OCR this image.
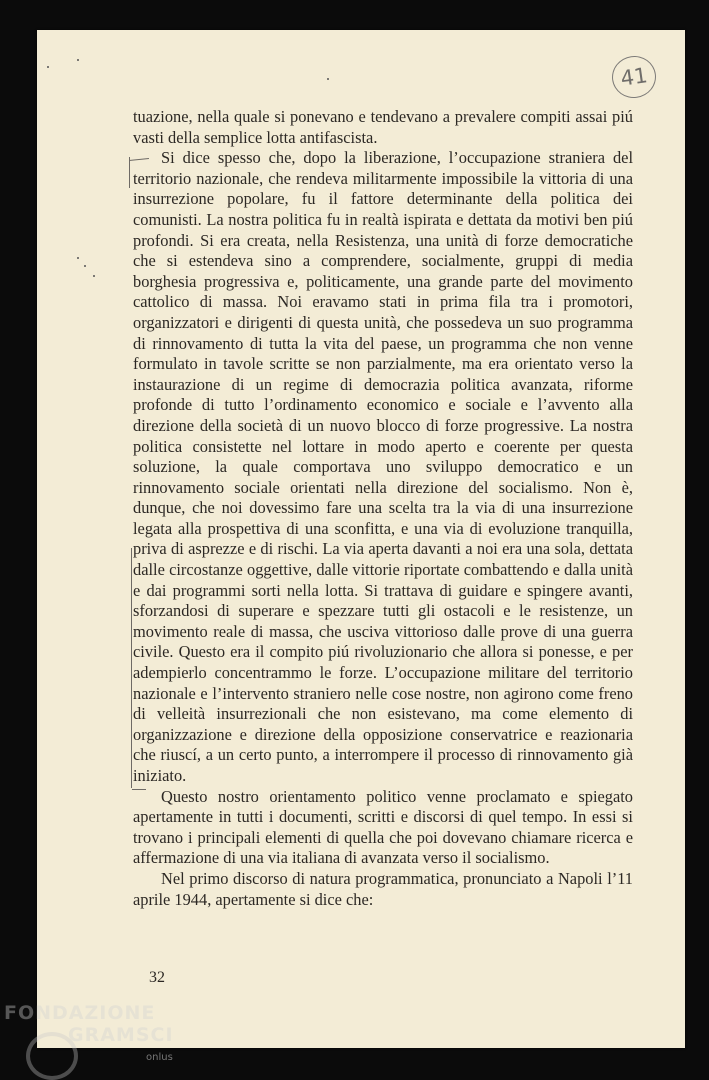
41

tuazione, nella quale si ponevano e tendevano a prevalere compiti assai piú vasti della semplice lotta antifascista.

Si dice spesso che, dopo la liberazione, l’occupazione straniera del territorio nazionale, che rendeva militarmente impossibile la vittoria di una insurrezione popolare, fu il fattore determinante della politica dei comunisti. La nostra politica fu in realtà ispirata e dettata da motivi ben piú profondi. Si era creata, nella Resistenza, una unità di forze democratiche che si estendeva sino a comprendere, socialmente, gruppi di media borghesia progressiva e, politicamente, una grande parte del movimento cattolico di massa. Noi eravamo stati in prima fila tra i promotori, organizzatori e dirigenti di questa unità, che possedeva un suo programma di rinnovamento di tutta la vita del paese, un programma che non venne formulato in tavole scritte se non parzialmente, ma era orientato verso la instaurazione di un regime di democrazia politica avanzata, riforme profonde di tutto l’ordinamento economico e sociale e l’avvento alla direzione della società di un nuovo blocco di forze progressive. La nostra politica consistette nel lottare in modo aperto e coerente per questa soluzione, la quale comportava uno sviluppo democratico e un rinnovamento sociale orientati nella direzione del socialismo. Non è, dunque, che noi dovessimo fare una scelta tra la via di una insurrezione legata alla prospettiva di una sconfitta, e una via di evoluzione tranquilla, priva di asprezze e di rischi. La via aperta davanti a noi era una sola, dettata dalle circostanze oggettive, dalle vittorie riportate combattendo e dalla unità e dai programmi sorti nella lotta. Si trattava di guidare e spingere avanti, sforzandosi di superare e spezzare tutti gli ostacoli e le resistenze, un movimento reale di massa, che usciva vittorioso dalle prove di una guerra civile. Questo era il compito piú rivoluzionario che allora si ponesse, e per adempierlo concentrammo le forze. L’occupazione militare del territorio nazionale e l’intervento straniero nelle cose nostre, non agirono come freno di velleità insurrezionali che non esistevano, ma come elemento di organizzazione e direzione della opposizione conservatrice e reazionaria che riuscí, a un certo punto, a interrompere il processo di rinnovamento già iniziato.

Questo nostro orientamento politico venne proclamato e spiegato apertamente in tutti i documenti, scritti e discorsi di quel tempo. In essi si trovano i principali elementi di quella che poi dovevano chiamare ricerca e affermazione di una via italiana di avanzata verso il socialismo.

Nel primo discorso di natura programmatica, pronunciato a Napoli l’11 aprile 1944, apertamente si dice che:

32
FONDAZIONE
GRAMSCI
onlus
